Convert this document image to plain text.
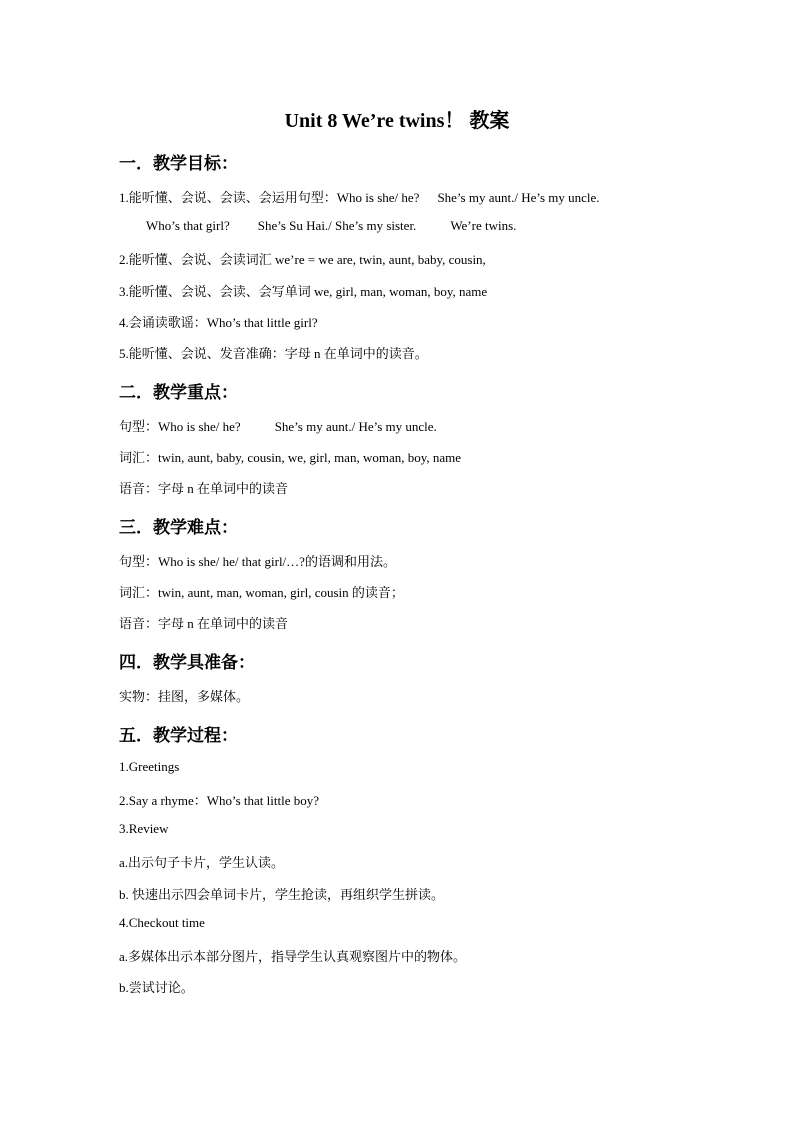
Unit 8 We’re twins！ 教案
一．教学目标：
1.能听懂、会说、会读、会运用句型：Who is she/ he? She’s my aunt./ He’s my uncle.
Who’s that girl? She’s Su Hai./ She’s my sister.	We’re twins.
2.能听懂、会说、会读词汇 we’re = we are, twin, aunt, baby, cousin,
3.能听懂、会说、会读、会写单词 we, girl, man, woman, boy, name
4.会诵读歌谣：Who’s that little girl?
5.能听懂、会说、发音准确：字母 n 在单词中的读音。
二．教学重点：
句型：Who is she/ he?	She’s my aunt./ He’s my uncle.
词汇：twin, aunt, baby, cousin, we, girl, man, woman, boy, name
语音：字母 n 在单词中的读音
三．教学难点：
句型：Who is she/ he/ that girl/…?的语调和用法。
词汇：twin, aunt, man, woman, girl, cousin 的读音；
语音：字母 n 在单词中的读音
四．教学具准备：
实物：挂图，多媒体。
五．教学过程：
1.Greetings
2.Say a rhyme：Who’s that little boy?
3.Review
a.出示句子卡片，学生认读。
b. 快速出示四会单词卡片，学生抢读，再组织学生拼读。
4.Checkout time
a.多媒体出示本部分图片，指导学生认真观察图片中的物体。
b.尝试讨论。
